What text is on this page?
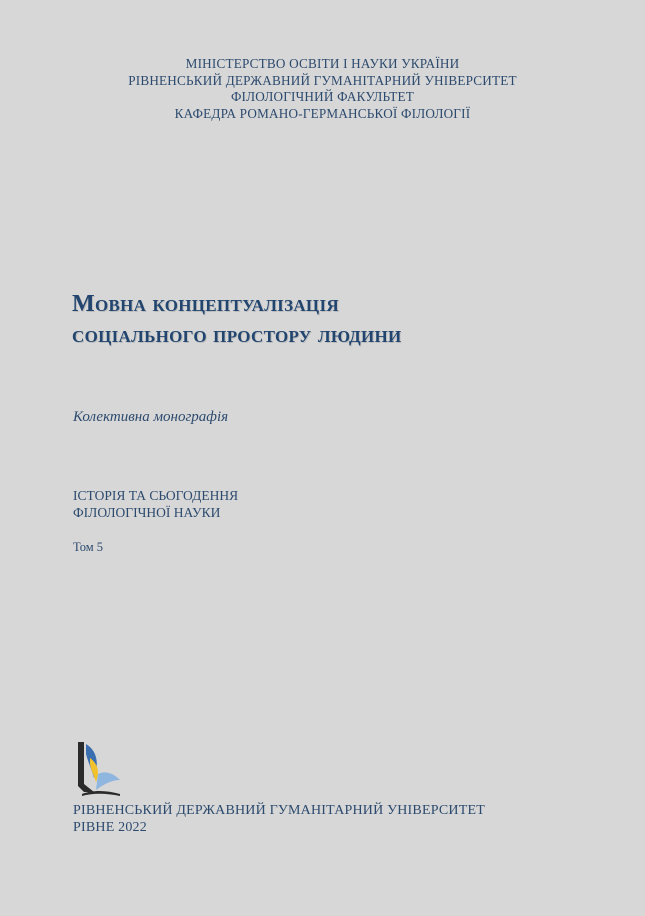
МІНІСТЕРСТВО ОСВІТИ І НАУКИ УКРАЇНИ
РІВНЕНСЬКИЙ ДЕРЖАВНИЙ ГУМАНІТАРНИЙ УНІВЕРСИТЕТ
ФІЛОЛОГІЧНИЙ ФАКУЛЬТЕТ
КАФЕДРА РОМАНО-ГЕРМАНСЬКОЇ ФІЛОЛОГІЇ
Мовна концептуалізація
соціального простору людини
Колективна монографія
ІСТОРІЯ ТА СЬОГОДЕННЯ
ФІЛОЛОГІЧНОЇ НАУКИ
Том 5
РІВНЕНСЬКИЙ ДЕРЖАВНИЙ ГУМАНІТАРНИЙ УНІВЕРСИТЕТ
РІВНЕ 2022
